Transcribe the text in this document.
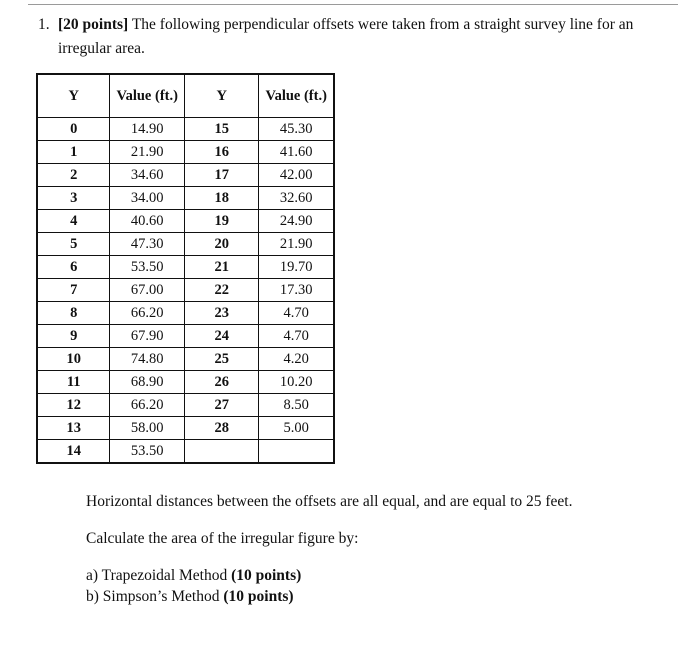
1. [20 points] The following perpendicular offsets were taken from a straight survey line for an irregular area.
Y	Value (ft.)	Y	Value (ft.)
0	14.90	15	45.30
1	21.90	16	41.60
2	34.60	17	42.00
3	34.00	18	32.60
4	40.60	19	24.90
5	47.30	20	21.90
6	53.50	21	19.70
7	67.00	22	17.30
8	66.20	23	4.70
9	67.90	24	4.70
10	74.80	25	4.20
11	68.90	26	10.20
12	66.20	27	8.50
13	58.00	28	5.00
14	53.50		
Horizontal distances between the offsets are all equal, and are equal to 25 feet.
Calculate the area of the irregular figure by:
a) Trapezoidal Method (10 points)
b) Simpson’s Method (10 points)
